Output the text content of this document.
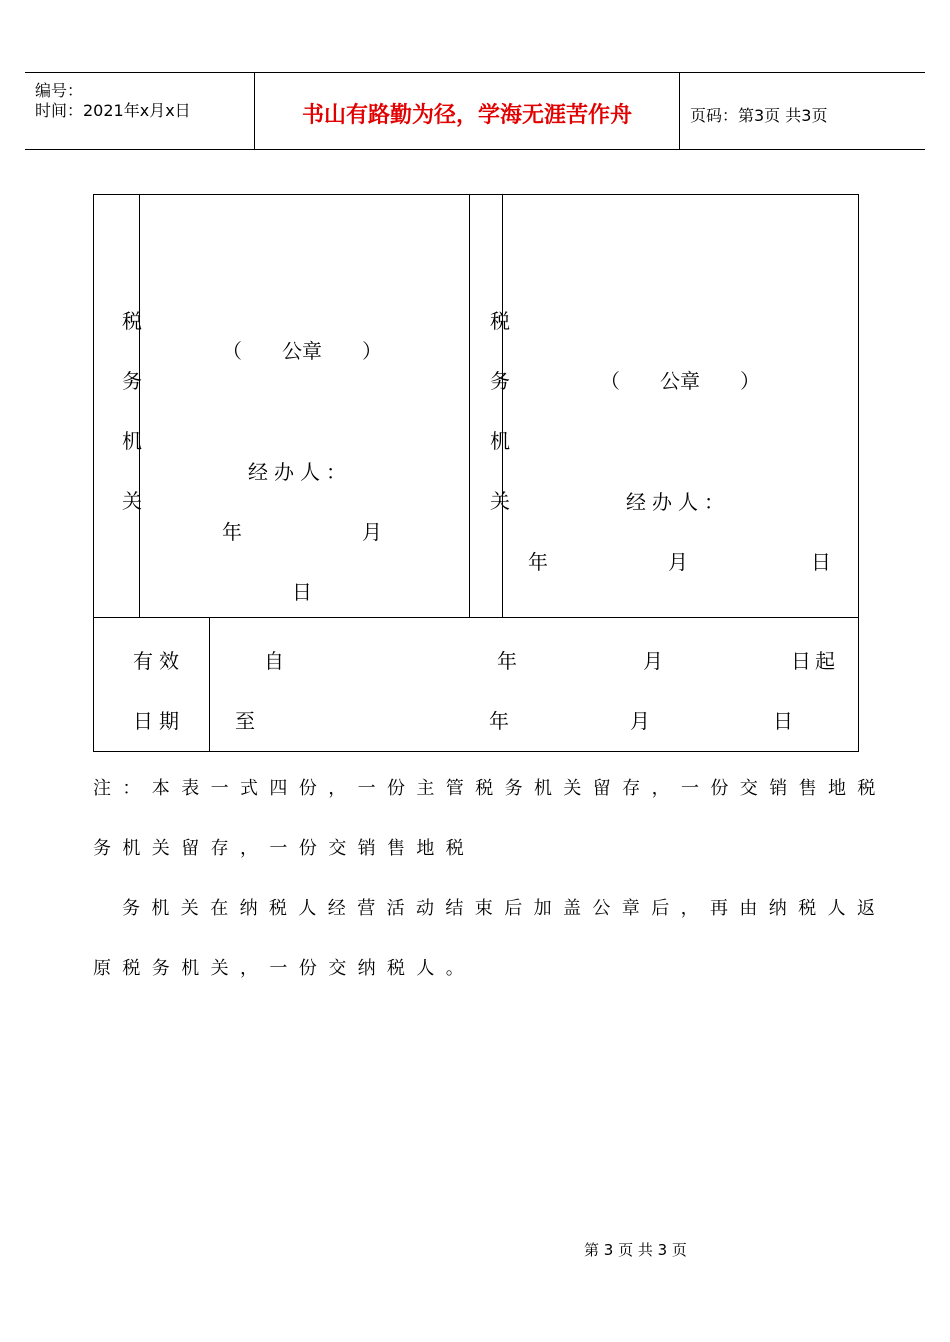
编号：
时间：2021年x月x日	书山有路勤为径，学海无涯苦作舟	页码：第3页 共3页
税
务
机
关
（　　公章　　）
经办人：
年	月
日
税
务
机
关
（　　公章　　）
经办人：
年	月	日
有效
日期
自	年	月	日起
至	年	月	日
注：本表一式四份，一份主管税务机关留存，一份交销售地税
务机关留存，一份交销售地税
务机关在纳税人经营活动结束后加盖公章后，再由纳税人返
原税务机关，一份交纳税人。
第 3 页 共 3 页
